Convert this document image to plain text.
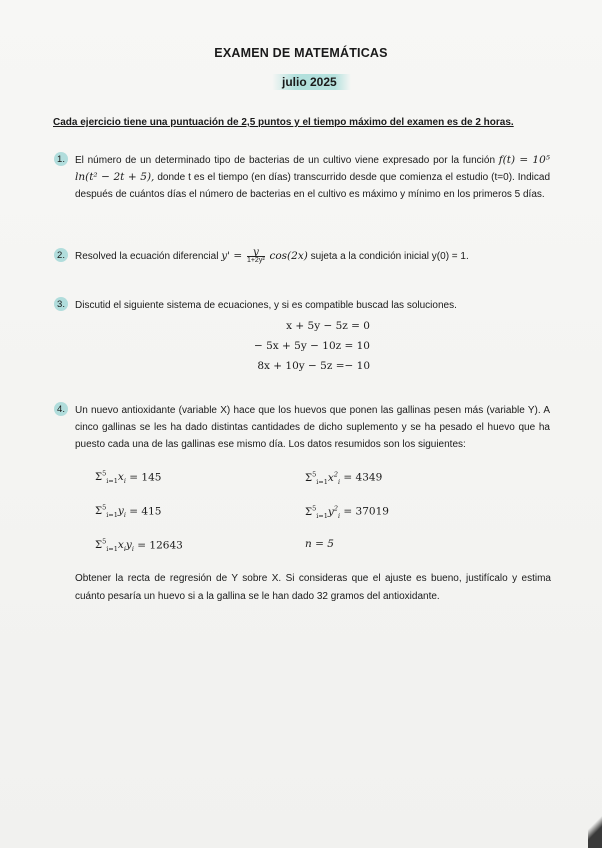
EXAMEN DE MATEMÁTICAS
julio 2025
Cada ejercicio tiene una puntuación de 2,5 puntos y el tiempo máximo del examen es de 2 horas.
1.	El número de un determinado tipo de bacterias de un cultivo viene expresado por la función f(t) = 10⁵ ln(t² − 2t + 5), donde t es el tiempo (en días) transcurrido desde que comienza el estudio (t=0). Indicad después de cuántos días el número de bacterias en el cultivo es máximo y mínimo en los primeros 5 días.
2.	Resolved la ecuación diferencial $y' = \frac{y}{\text{1+2y²}} \cos(2x)$ sujeta a la condición inicial y(0) = 1.
3.	Discutid el siguiente sistema de ecuaciones, y si es compatible buscad las soluciones.
x + 5y − 5z = 0
− 5x + 5y − 10z = 10
8x + 10y − 5z =− 10
4.	Un nuevo antioxidante (variable X) hace que los huevos que ponen las gallinas pesen más (variable Y). A cinco gallinas se les ha dado distintas cantidades de dicho suplemento y se ha pesado el huevo que ha puesto cada una de las gallinas ese mismo día. Los datos resumidos son los siguientes:
$\Sigma^5_{i=1}x_i = 145$	$\Sigma^5_{i=1}x^2_i = 4349$
$\Sigma^5_{i=1}y_i = 415$	$\Sigma^5_{i=1}y^2_i = 37019$
$\Sigma^5_{i=1}x_iy_i = 12643$	n = 5
Obtener la recta de regresión de Y sobre X. Si consideras que el ajuste es bueno, justifícalo y estima cuánto pesaría un huevo si a la gallina se le han dado 32 gramos del antioxidante.
